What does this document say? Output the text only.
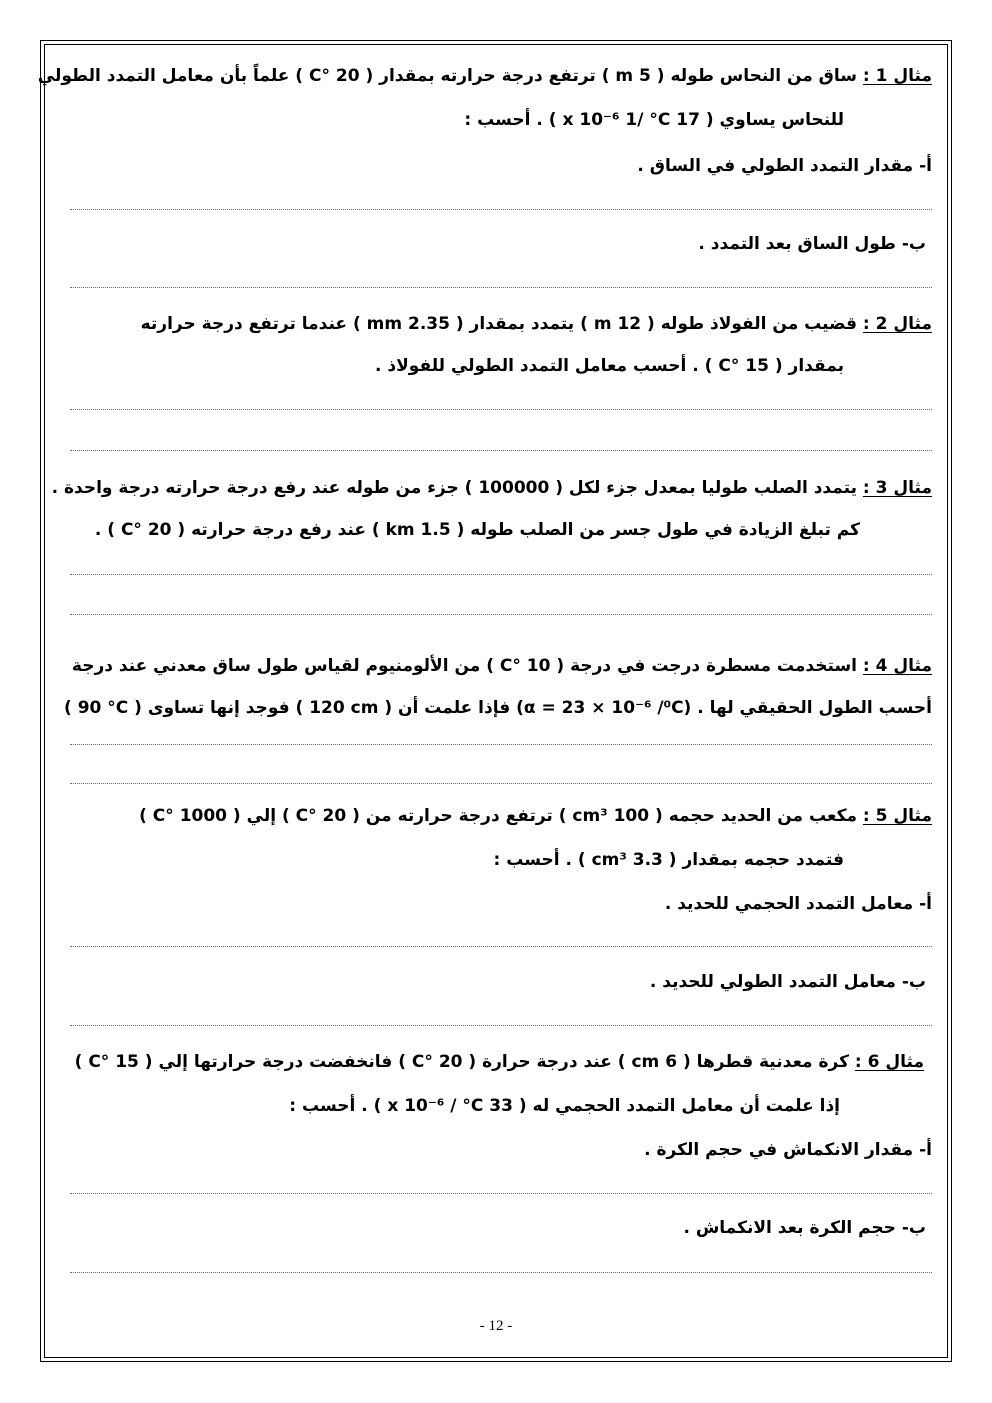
مثال 1 : ساق من النحاس طوله ( 5 m ) ترتفع درجة حرارته بمقدار ( 20 °C ) علماً بأن معامل التمدد الطولي
للنحاس يساوي ( 17 x 10⁻⁶ 1/ °C ) . أحسب :
أ- مقدار التمدد الطولي في الساق .
ب- طول الساق بعد التمدد .
مثال 2 : قضيب من الفولاذ طوله ( 12 m ) يتمدد بمقدار ( 2.35 mm ) عندما ترتفع درجة حرارته
بمقدار ( 15 °C ) . أحسب معامل التمدد الطولي للفولاذ .
مثال 3 : يتمدد الصلب طوليا بمعدل جزء لكل ( 100000 ) جزء من طوله عند رفع درجة حرارته درجة واحدة .
كم تبلغ الزيادة في طول جسر من الصلب طوله ( 1.5 km ) عند رفع درجة حرارته ( 20 °C ) .
مثال 4 : استخدمت مسطرة درجت في درجة ( 10 °C ) من الألومنيوم لقياس طول ساق معدني عند درجة
( 90 °C ) فوجد إنها تساوى ( 120 cm ) فإذا علمت أن (α = 23 × 10⁻⁶ /⁰C) . أحسب الطول الحقيقي لها
مثال 5 : مكعب من الحديد حجمه ( 100 cm³ ) ترتفع درجة حرارته من ( 20 °C ) إلي ( 1000 °C )
فتمدد حجمه بمقدار ( 3.3 cm³ ) . أحسب :
أ- معامل التمدد الحجمي للحديد .
ب- معامل التمدد الطولي للحديد .
مثال 6 : كرة معدنية قطرها ( 6 cm ) عند درجة حرارة ( 20 °C ) فانخفضت درجة حرارتها إلي ( 15 °C )
إذا علمت أن معامل التمدد الحجمي له ( 33 x 10⁻⁶ / °C ) . أحسب :
أ- مقدار الانكماش في حجم الكرة .
ب- حجم الكرة بعد الانكماش .
- 12 -
